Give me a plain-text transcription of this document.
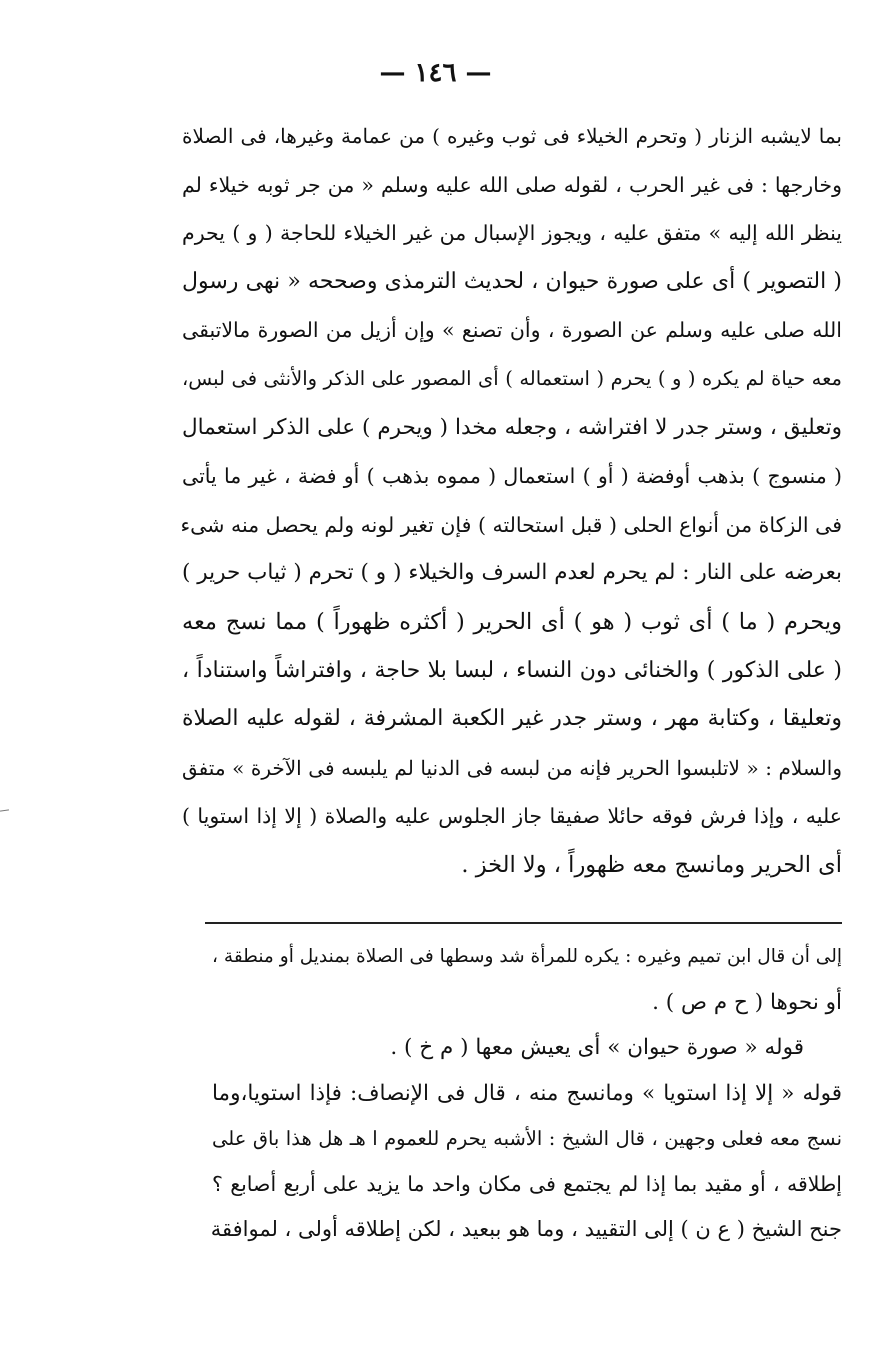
— ١٤٦ —
بما لايشبه الزنار ( وتحرم الخيلاء فى ثوب وغيره ) من عمامة وغيرها، فى الصلاة
وخارجها : فى غير الحرب ، لقوله صلى الله عليه وسلم « من جر ثوبه خيلاء لم
ينظر الله إليه » متفق عليه ، ويجوز الإسبال من غير الخيلاء للحاجة ( و ) يحرم
( التصوير ) أى على صورة حيوان ، لحديث الترمذى وصححه « نهى رسول
الله صلى عليه وسلم عن الصورة ، وأن تصنع » وإن أزيل من الصورة مالاتبقى
معه حياة لم يكره ( و ) يحرم ( استعماله ) أى المصور على الذكر والأنثى فى لبس،
وتعليق ، وستر جدر لا افتراشه ، وجعله مخدا ( ويحرم ) على الذكر استعمال
( منسوج ) بذهب أوفضة ( أو ) استعمال ( مموه بذهب ) أو فضة ، غير ما يأتى
فى الزكاة من أنواع الحلى ( قبل استحالته ) فإن تغير لونه ولم يحصل منه شىء
بعرضه على النار : لم يحرم لعدم السرف والخيلاء ( و ) تحرم ( ثياب حرير )
ويحرم ( ما ) أى ثوب ( هو ) أى الحرير ( أكثره ظهوراً ) مما نسج معه
( على الذكور ) والخنائى دون النساء ، لبسا بلا حاجة ، وافتراشاً واستناداً ،
وتعليقا ، وكتابة مهر ، وستر جدر غير الكعبة المشرفة ، لقوله عليه الصلاة
والسلام : « لاتلبسوا الحرير فإنه من لبسه فى الدنيا لم يلبسه فى الآخرة » متفق
عليه ، وإذا فرش فوقه حائلا صفيقا جاز الجلوس عليه والصلاة ( إلا إذا استويا )
أى الحرير ومانسج معه ظهوراً ، ولا الخز .
إلى أن قال ابن تميم وغيره : يكره للمرأة شد وسطها فى الصلاة بمنديل أو منطقة ،
أو نحوها ( ح م ص ) .
قوله « صورة حيوان » أى يعيش معها ( م خ ) .
قوله « إلا إذا استويا » ومانسج منه ، قال فى الإنصاف: فإذا استويا،وما
نسج معه فعلى وجهين ، قال الشيخ : الأشبه يحرم للعموم ا هـ هل هذا باق على
إطلاقه ، أو مقيد بما إذا لم يجتمع فى مكان واحد ما يزيد على أربع أصابع ؟
جنح الشيخ ( ع ن ) إلى التقييد ، وما هو ببعيد ، لكن إطلاقه أولى ، لموافقة
